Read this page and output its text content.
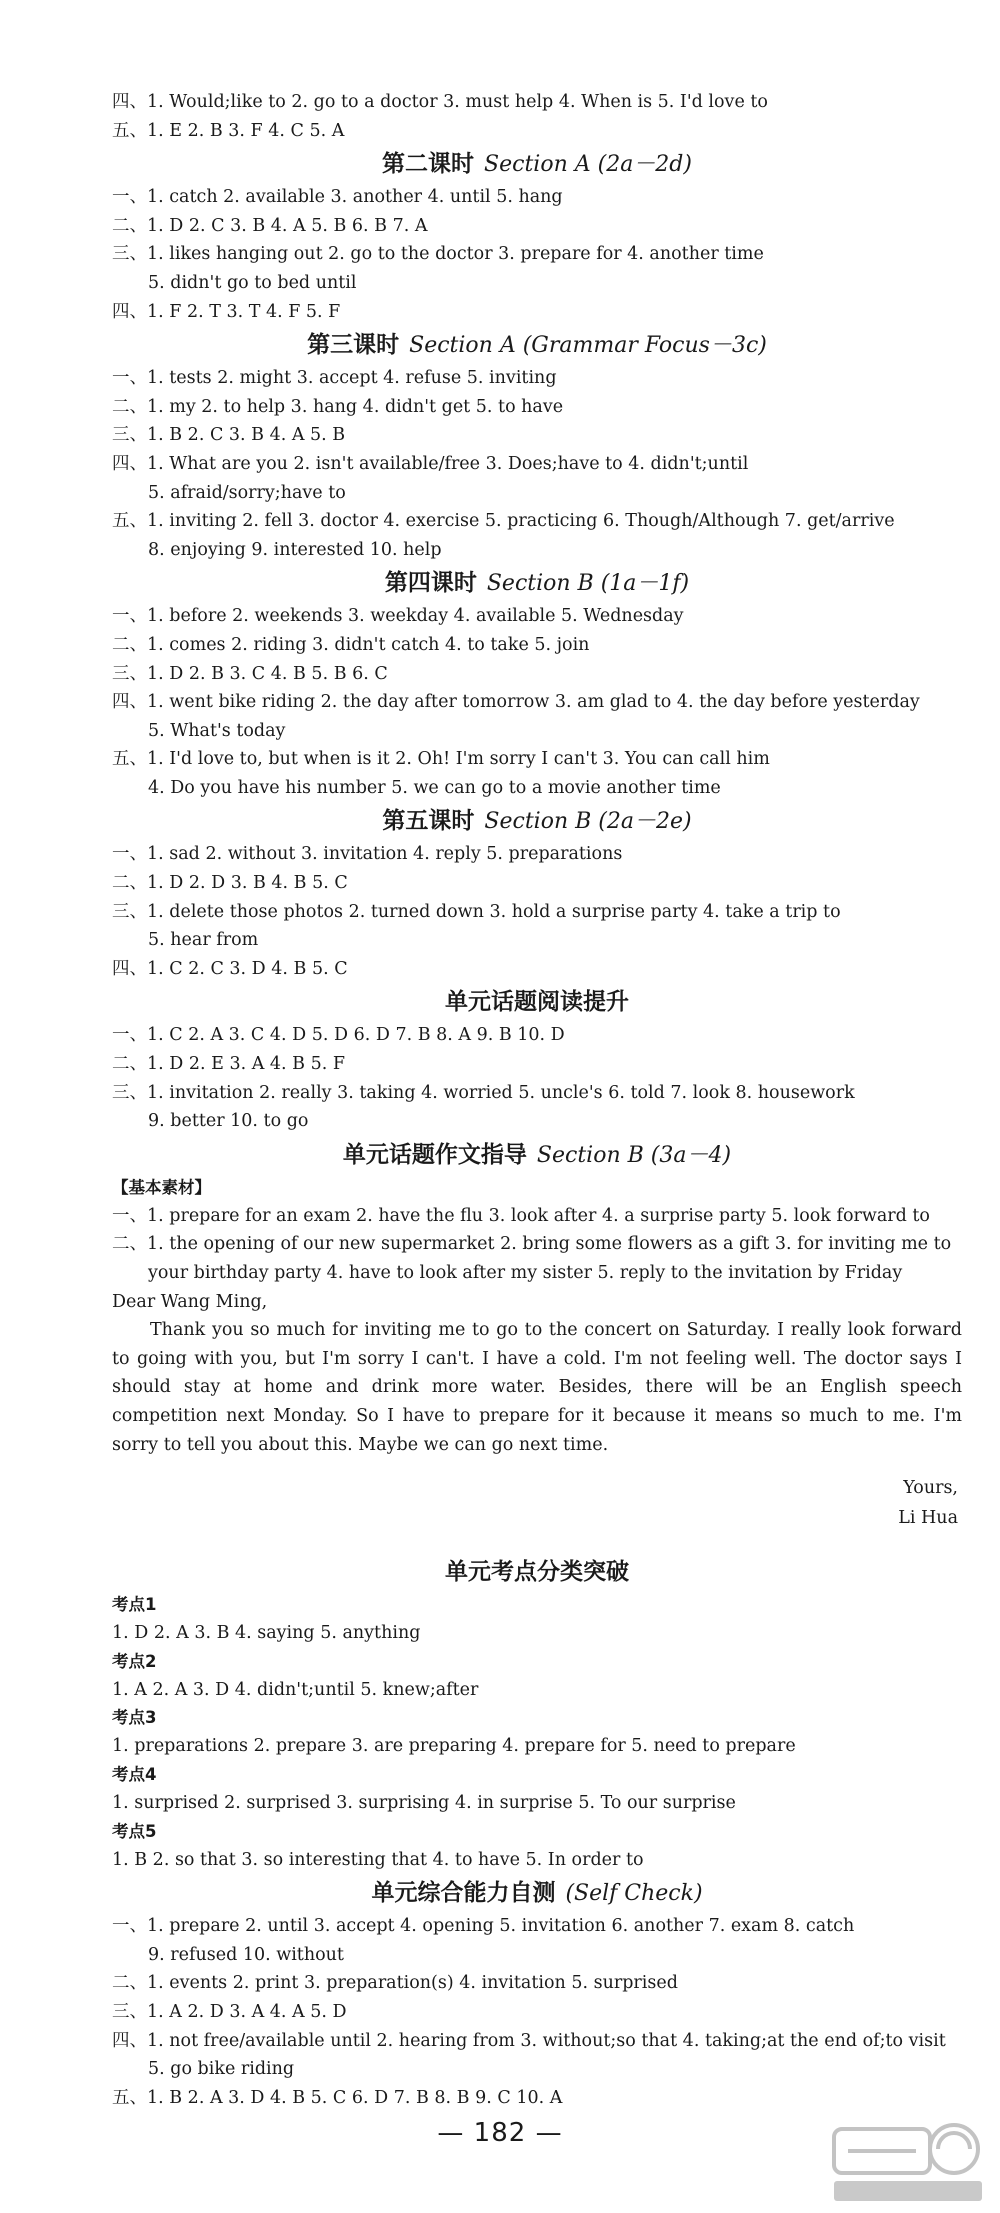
四、1. Would;like to 2. go to a doctor 3. must help 4. When is 5. I'd love to
五、1. E 2. B 3. F 4. C 5. A
第二课时 Section A (2a－2d)
一、1. catch 2. available 3. another 4. until 5. hang
二、1. D 2. C 3. B 4. A 5. B 6. B 7. A
三、1. likes hanging out 2. go to the doctor 3. prepare for 4. another time
5. didn't go to bed until
四、1. F 2. T 3. T 4. F 5. F
第三课时 Section A (Grammar Focus－3c)
一、1. tests 2. might 3. accept 4. refuse 5. inviting
二、1. my 2. to help 3. hang 4. didn't get 5. to have
三、1. B 2. C 3. B 4. A 5. B
四、1. What are you 2. isn't available/free 3. Does;have to 4. didn't;until
5. afraid/sorry;have to
五、1. inviting 2. fell 3. doctor 4. exercise 5. practicing 6. Though/Although 7. get/arrive
8. enjoying 9. interested 10. help
第四课时 Section B (1a－1f)
一、1. before 2. weekends 3. weekday 4. available 5. Wednesday
二、1. comes 2. riding 3. didn't catch 4. to take 5. join
三、1. D 2. B 3. C 4. B 5. B 6. C
四、1. went bike riding 2. the day after tomorrow 3. am glad to 4. the day before yesterday
5. What's today
五、1. I'd love to, but when is it 2. Oh! I'm sorry I can't 3. You can call him
4. Do you have his number 5. we can go to a movie another time
第五课时 Section B (2a－2e)
一、1. sad 2. without 3. invitation 4. reply 5. preparations
二、1. D 2. D 3. B 4. B 5. C
三、1. delete those photos 2. turned down 3. hold a surprise party 4. take a trip to
5. hear from
四、1. C 2. C 3. D 4. B 5. C
单元话题阅读提升
一、1. C 2. A 3. C 4. D 5. D 6. D 7. B 8. A 9. B 10. D
二、1. D 2. E 3. A 4. B 5. F
三、1. invitation 2. really 3. taking 4. worried 5. uncle's 6. told 7. look 8. housework
9. better 10. to go
单元话题作文指导 Section B (3a－4)
【基本素材】
一、1. prepare for an exam 2. have the flu 3. look after 4. a surprise party 5. look forward to
二、1. the opening of our new supermarket 2. bring some flowers as a gift 3. for inviting me to
your birthday party 4. have to look after my sister 5. reply to the invitation by Friday
Dear Wang Ming,
Thank you so much for inviting me to go to the concert on Saturday. I really look forward to going with you, but I'm sorry I can't. I have a cold. I'm not feeling well. The doctor says I should stay at home and drink more water. Besides, there will be an English speech competition next Monday. So I have to prepare for it because it means so much to me. I'm sorry to tell you about this. Maybe we can go next time.
Yours,
Li Hua
单元考点分类突破
考点1
1. D 2. A 3. B 4. saying 5. anything
考点2
1. A 2. A 3. D 4. didn't;until 5. knew;after
考点3
1. preparations 2. prepare 3. are preparing 4. prepare for 5. need to prepare
考点4
1. surprised 2. surprised 3. surprising 4. in surprise 5. To our surprise
考点5
1. B 2. so that 3. so interesting that 4. to have 5. In order to
单元综合能力自测 (Self Check)
一、1. prepare 2. until 3. accept 4. opening 5. invitation 6. another 7. exam 8. catch
9. refused 10. without
二、1. events 2. print 3. preparation(s) 4. invitation 5. surprised
三、1. A 2. D 3. A 4. A 5. D
四、1. not free/available until 2. hearing from 3. without;so that 4. taking;at the end of;to visit
5. go bike riding
五、1. B 2. A 3. D 4. B 5. C 6. D 7. B 8. B 9. C 10. A
— 182 —
